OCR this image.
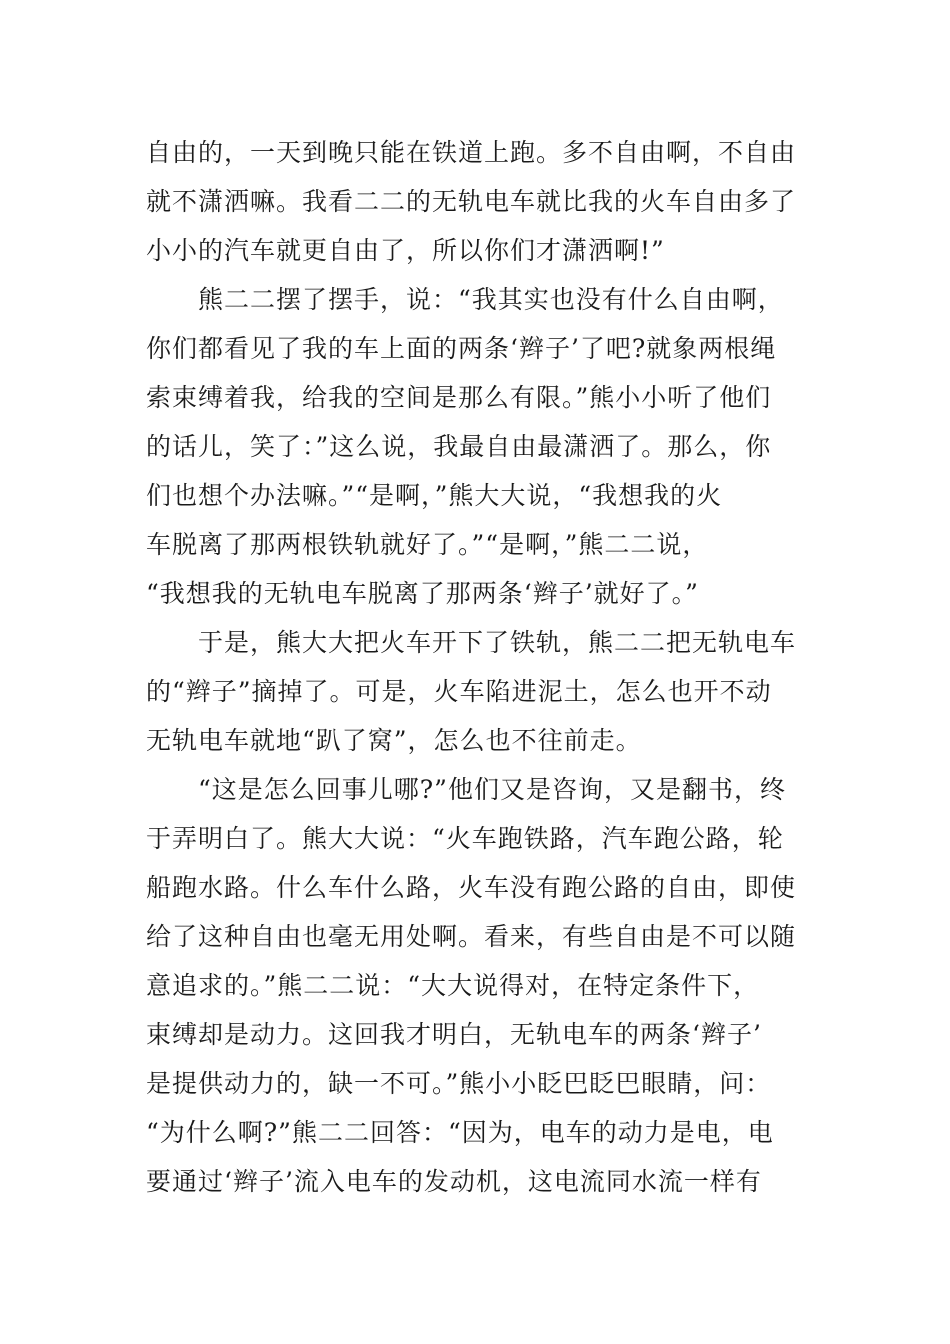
自由的，一天到晚只能在铁道上跑。多不自由啊，不自由
就不潇洒嘛。我看二二的无轨电车就比我的火车自由多了
小小的汽车就更自由了，所以你们才潇洒啊!”
熊二二摆了摆手，说：“我其实也没有什么自由啊，
你们都看见了我的车上面的两条‘辫子’了吧?就象两根绳
索束缚着我，给我的空间是那么有限。”熊小小听了他们
的话儿，笑了：”这么说，我最自由最潇洒了。那么，你
们也想个办法嘛。”“是啊，”熊大大说，“我想我的火
车脱离了那两根铁轨就好了。”“是啊，”熊二二说，
“我想我的无轨电车脱离了那两条‘辫子’就好了。”
于是，熊大大把火车开下了铁轨，熊二二把无轨电车
的“辫子”摘掉了。可是，火车陷进泥土，怎么也开不动
无轨电车就地“趴了窝”，怎么也不往前走。
“这是怎么回事儿哪?”他们又是咨询，又是翻书，终
于弄明白了。熊大大说：“火车跑铁路，汽车跑公路，轮
船跑水路。什么车什么路，火车没有跑公路的自由，即使
给了这种自由也毫无用处啊。看来，有些自由是不可以随
意追求的。”熊二二说：“大大说得对，在特定条件下，
束缚却是动力。这回我才明白，无轨电车的两条‘辫子’
是提供动力的，缺一不可。”熊小小眨巴眨巴眼睛，问：
“为什么啊?”熊二二回答：“因为，电车的动力是电，电
要通过‘辫子’流入电车的发动机，这电流同水流一样有
